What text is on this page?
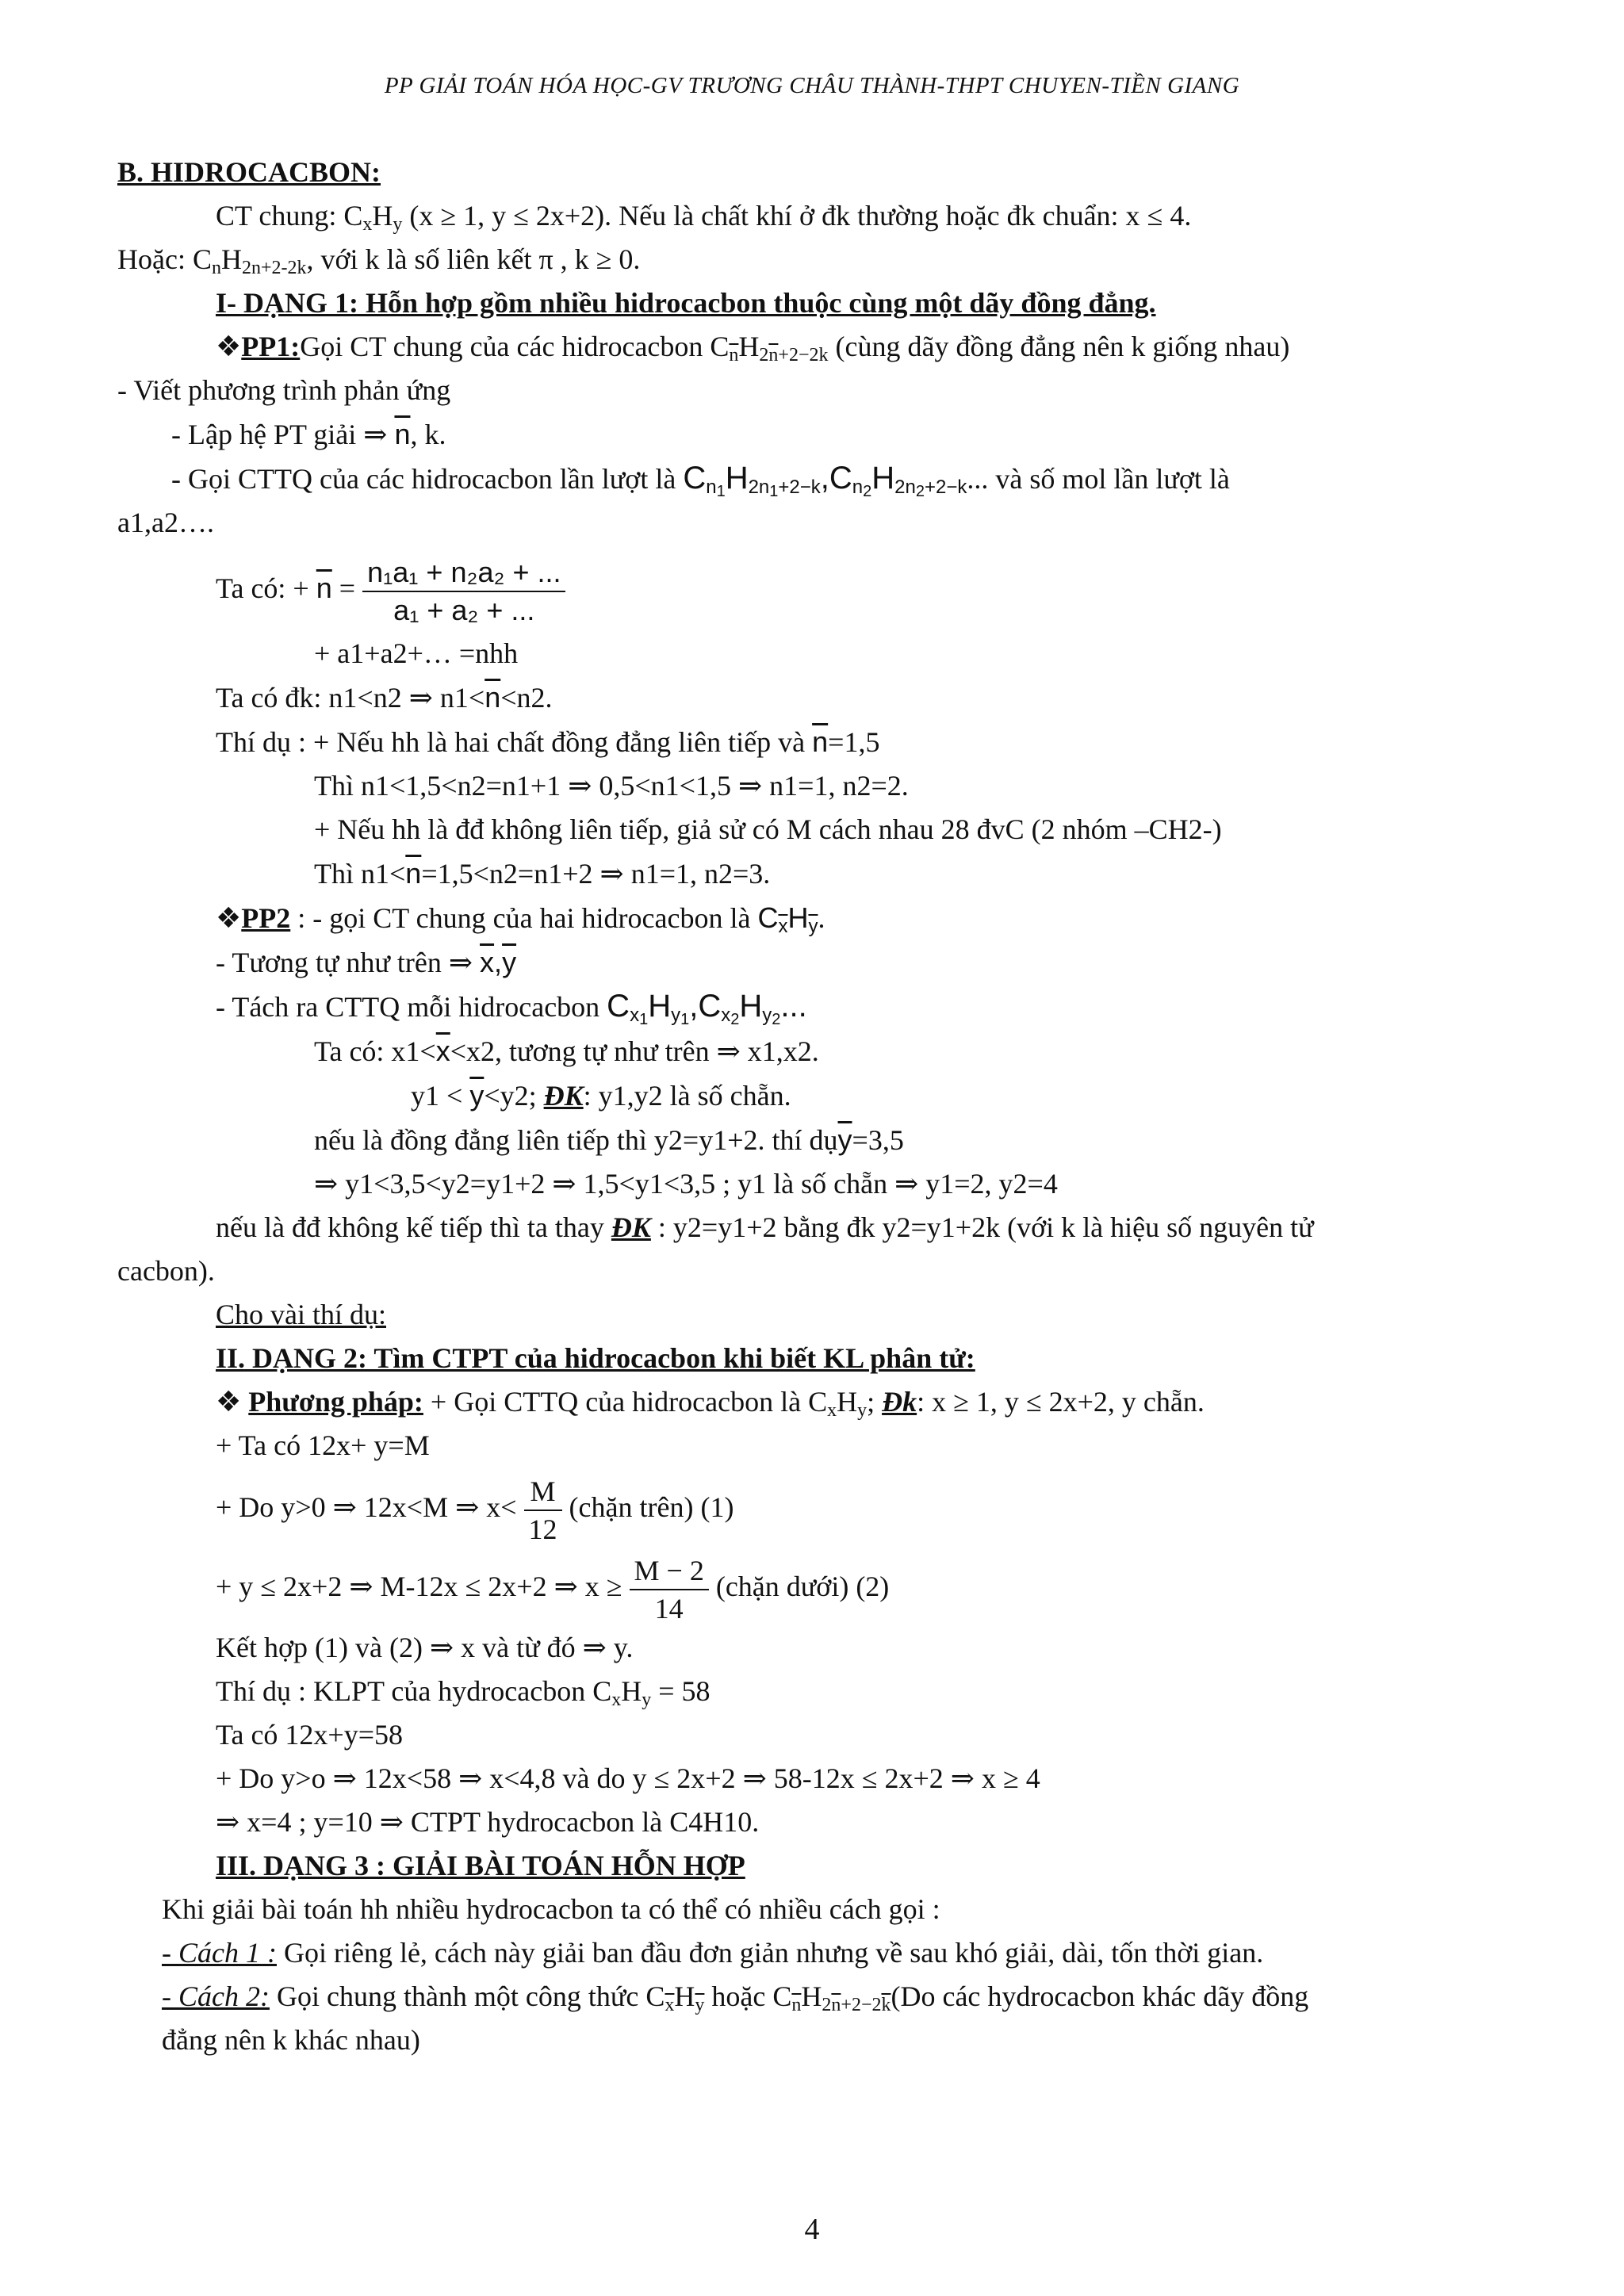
PP GIẢI TOÁN HÓA HỌC-GV TRƯƠNG CHÂU THÀNH-THPT CHUYEN-TIỀN GIANG
B. HIDROCACBON:
CT chung: $C_xH_y$ (x ≥ 1, y ≤ 2x+2). Nếu là chất khí ở đk thường hoặc đk chuẩn: x ≤ 4.
Hoặc: $C_nH_{2n+2-2k}$, với k là số liên kết π , k ≥ 0.
I- DẠNG 1: Hỗn hợp gồm nhiều hidrocacbon thuộc cùng một dãy đồng đẳng.
❖PP1:Gọi CT chung của các hidrocacbon $C_{\overline{n}}H_{2\overline{n}+2-2k}$ (cùng dãy đồng đẳng nên k giống nhau)
- Viết phương trình phản ứng
- Lập hệ PT giải ⇒ $\overline{n}$, k.
- Gọi CTTQ của các hidrocacbon lần lượt là $C_{n_1}H_{2n_1+2-k},C_{n_2}H_{2n_2+2-k}$... và số mol lần lượt là
a1,a2….
Ta có: + $\overline{n} = \frac{\text{n₁a₁ + n₂a₂ + ...}}{\text{a₁ + a₂ + ...}}$
+ a1+a2+… =nhh
Ta có đk: n1<n2 ⇒ $n1<\overline{n}<n2$.
Thí dụ : + Nếu hh là hai chất đồng đẳng liên tiếp và $\overline{n}=1,5$
Thì n1<1,5<n2=n1+1 ⇒ 0,5<n1<1,5 ⇒ n1=1, n2=2.
+ Nếu hh là đđ không liên tiếp, giả sử có M cách nhau 28 đvC (2 nhóm –CH2-)
Thì $n1<\overline{n}=1,5<n2=n1+2$ ⇒ n1=1, n2=3.
❖PP2 : - gọi CT chung của hai hidrocacbon là $C_{\overline{x}}H_{\overline{y}}$.
- Tương tự như trên ⇒ $\overline{x},\overline{y}$
- Tách ra CTTQ mỗi hidrocacbon $C_{x_1}H_{y_1},C_{x_2}H_{y_2}$...
Ta có: $x1<\overline{x}<x2$, tương tự như trên ⇒ x1,x2.
$y1 < \overline{y}<y2$; ĐK: y1,y2 là số chẵn.
nếu là đồng đẳng liên tiếp thì y2=y1+2. thí $dụ\overline{y}=3,5$
⇒ y1<3,5<y2=y1+2 ⇒ 1,5<y1<3,5 ; y1 là số chẵn ⇒ y1=2, y2=4
nếu là đđ không kế tiếp thì ta thay ĐK : y2=y1+2 bằng đk y2=y1+2k (với k là hiệu số nguyên tử
cacbon).
Cho vài thí dụ:
II. DẠNG 2: Tìm CTPT của hidrocacbon khi biết KL phân tử:
❖ Phương pháp: + Gọi CTTQ của hidrocacbon là $C_xH_y$; Đk: x ≥ 1, y ≤ 2x+2, y chẵn.
+ Ta có 12x+ y=M
+ Do y>0 ⇒ 12x<M ⇒ $x< \frac{M}{12}$ (chặn trên) (1)
+ y ≤ 2x+2 ⇒ M-12x ≤ 2x+2 ⇒ $x \ge \frac{M - 2}{14}$ (chặn dưới) (2)
Kết hợp (1) và (2) ⇒ x và từ đó ⇒ y.
Thí dụ : KLPT của hydrocacbon $C_xH_y = 58$
Ta có 12x+y=58
+ Do y>o ⇒ 12x<58 ⇒ x<4,8 và do y ≤ 2x+2 ⇒ 58-12x ≤ 2x+2 ⇒ x ≥ 4
⇒ x=4 ; y=10 ⇒ CTPT hydrocacbon là C4H10.
III. DẠNG 3 : GIẢI BÀI TOÁN HỖN HỢP
Khi giải bài toán hh nhiều hydrocacbon ta có thể có nhiều cách gọi :
- Cách 1 : Gọi riêng lẻ, cách này giải ban đầu đơn giản nhưng về sau khó giải, dài, tốn thời gian.
- Cách 2: Gọi chung thành một công thức $C_{\overline{x}}H_{\overline{y}}$ hoặc $C_{\overline{n}}H_{2\overline{n}+2-2\overline{k}}(Do$ các hydrocacbon khác dãy đồng
đẳng nên k khác nhau)
4
